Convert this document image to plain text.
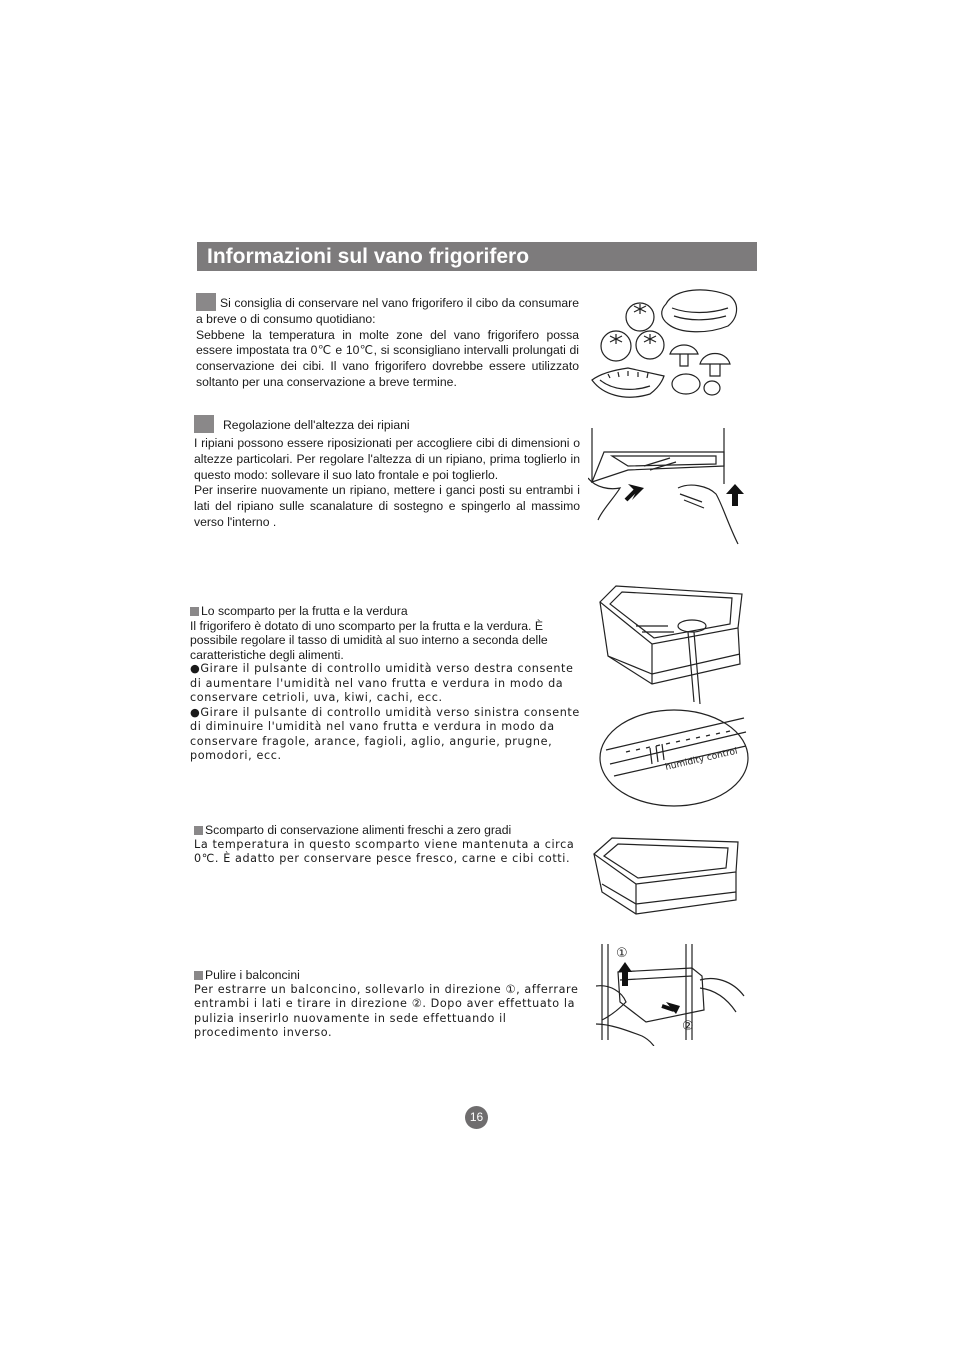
Informazioni sul vano frigorifero

Si consiglia di conservare nel vano frigorifero il cibo da consumare a breve o di consumo quotidiano:

Sebbene la temperatura in molte zone del vano frigorifero possa essere impostata tra 0℃ e 10℃, si sconsigliano intervalli prolungati di conservazione dei cibi. Il vano frigorifero dovrebbe essere utilizzato soltanto per una conservazione a breve termine.

Regolazione dell'altezza dei ripiani

I ripiani possono essere riposizionati per accogliere cibi di dimensioni o altezze particolari. Per regolare l'altezza di un ripiano, prima toglierlo in questo modo: sollevare il suo lato frontale e poi toglierlo.

Per inserire nuovamente un ripiano, mettere i ganci posti su entrambi i lati del ripiano sulle scanalature di sostegno e spingerlo al massimo verso l'interno .

Lo scomparto per la frutta e la verdura

Il frigorifero è dotato di uno scomparto per la frutta e la verdura. È possibile regolare il tasso di umidità al suo interno a seconda delle caratteristiche degli alimenti.

●Girare il pulsante di controllo umidità verso destra consente di aumentare l'umidità nel vano frutta e verdura in modo da conservare cetrioli, uva, kiwi, cachi, ecc.

●Girare il pulsante di controllo umidità verso sinistra consente di diminuire l'umidità nel vano frutta e verdura in modo da conservare fragole, arance, fagioli, aglio, angurie, prugne, pomodori, ecc.	humidity control

Scomparto di conservazione alimenti freschi a zero gradi

La temperatura in questo scomparto viene mantenuta a circa 0℃. È adatto per conservare pesce fresco, carne e cibi cotti.

Pulire i balconcini

Per estrarre un balconcino, sollevarlo in direzione ①, afferrare entrambi i lati e tirare in direzione ②. Dopo aver effettuato la pulizia inserirlo nuovamente in sede effettuando il procedimento inverso.

①
②
16
